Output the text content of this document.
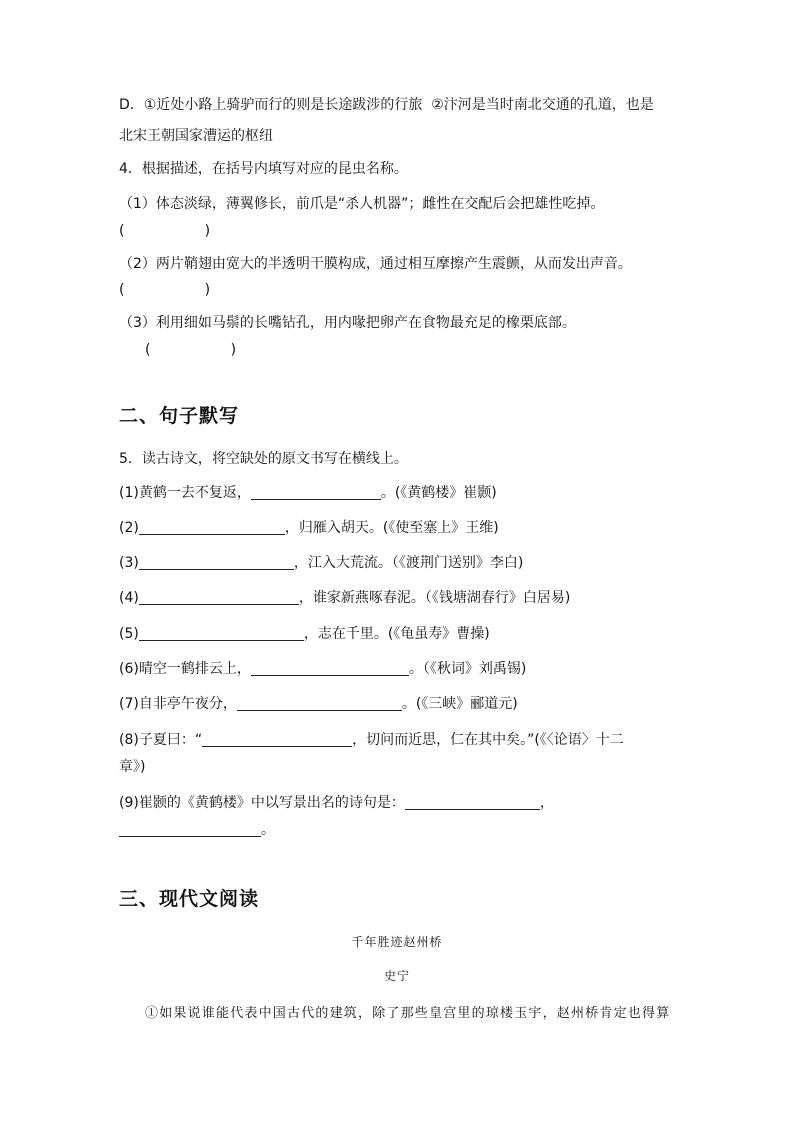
D．①近处小路上骑驴而行的则是长途跋涉的行旅  ②汴河是当时南北交通的孔道，也是
北宋王朝国家漕运的枢纽
4．根据描述，在括号内填写对应的昆虫名称。
（1）体态淡绿，薄翼修长，前爪是“杀人机器”；雌性在交配后会把雄性吃掉。
(                  )
（2）两片鞘翅由宽大的半透明干膜构成，通过相互摩擦产生震颤，从而发出声音。
(                  )
（3）利用细如马鬃的长嘴钻孔，用内喙把卵产在食物最充足的橡栗底部。
(                  )
二、句子默写
5．读古诗文，将空缺处的原文书写在横线上。
(1)黄鹤一去不复返，	。(《黄鹤楼》崔颢)
(2)	，归雁入胡天。(《使至塞上》王维)
(3)	，江入大荒流。（《渡荆门送别》李白)
(4)	，谁家新燕啄春泥。（《钱塘湖春行》白居易)
(5)	，志在千里。(《龟虽寿》曹操)
(6)晴空一鹤排云上，	。（《秋词》刘禹锡)
(7)自非亭午夜分，	。(《三峡》郦道元)
(8)子夏曰：“	，切问而近思，仁在其中矣。”(《〈论语〉十二
章》)
(9)崔颢的《黄鹤楼》中以写景出名的诗句是：	，
。
三、现代文阅读
千年胜迹赵州桥
史宁
①如果说谁能代表中国古代的建筑，除了那些皇宫里的琼楼玉宇，赵州桥肯定也得算
